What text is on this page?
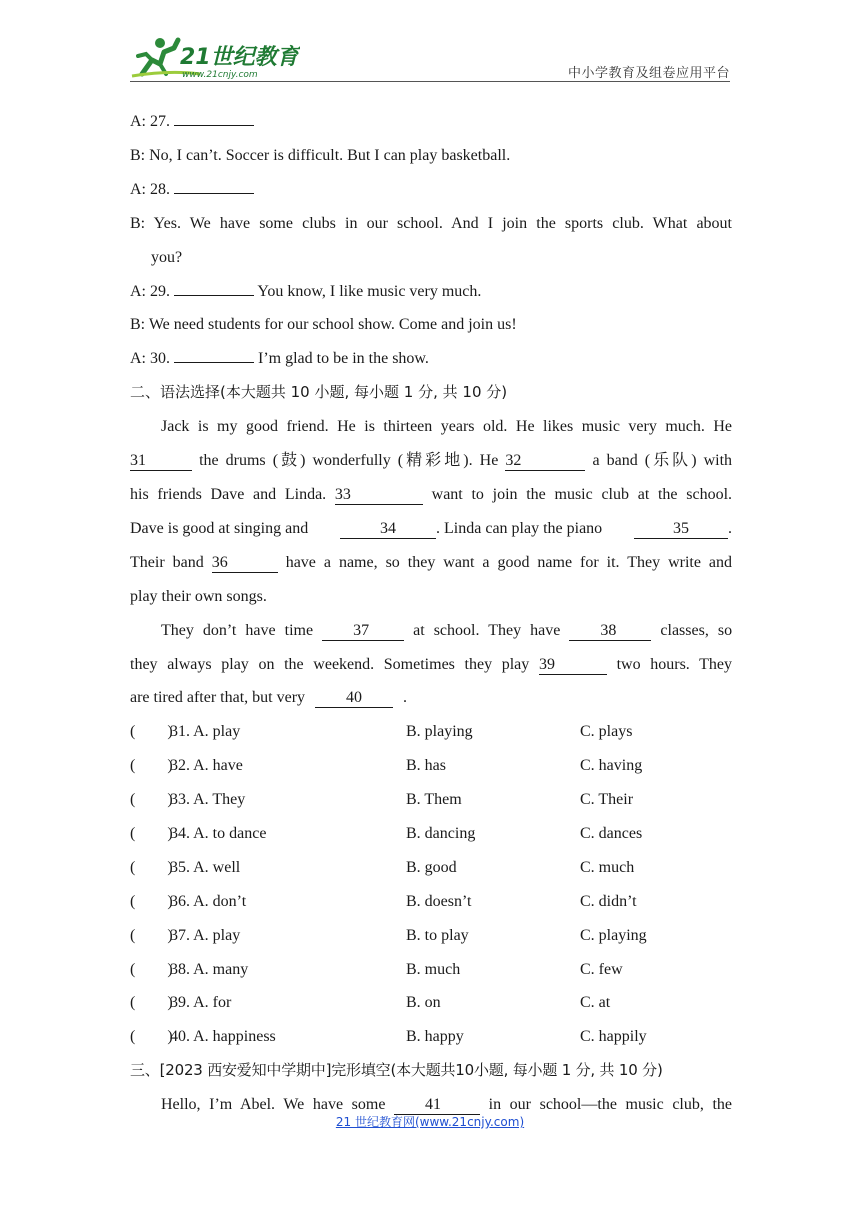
21世纪教育
www.21cnjy.com	中小学教育及组卷应用平台
A: 27.
B: No, I can’t. Soccer is difficult. But I can play basketball.
A: 28.
B: Yes. We have some clubs in our school. And I join the sports club. What about
you?
A: 29.	You know, I like music very much.
B: We need students for our school show. Come and join us!
A: 30.	I’m glad to be in the show.
二、语法选择(本大题共 10 小题, 每小题 1 分, 共 10 分)
Jack is my good friend. He is thirteen years old. He likes music very much. He
31	the drums (鼓) wonderfully (精彩地). He 32	a band (乐队) with
his friends Dave and Linda. 33	want to join the music club at the school.
Dave is good at singing and	34	. Linda can play the piano	35 .
Their band 36	have a name, so they want a good name for it. They write and
play their own songs.
They don’t have time	37	at school. They have	38	classes, so
they always play on the weekend. Sometimes they play 39	two hours. They
are tired after that, but very	40	.
(        )
31. A. play	B. playing	C. plays
(        )
32. A. have	B. has	C. having
(        )
33. A. They	B. Them	C. Their
(        )
34. A. to dance	B. dancing	C. dances
(        )
35. A. well	B. good	C. much
(        )
36. A. don’t	B. doesn’t	C. didn’t
(        )
37. A. play	B. to play	C. playing
(        )
38. A. many	B. much	C. few
(        )
39. A. for	B. on	C. at
(        )
40. A. happiness	B. happy	C. happily
三、[2023 西安爱知中学期中]完形填空(本大题共10小题, 每小题 1 分, 共 10 分)
Hello, I’m Abel. We have some 41	in our school—the music club, the
21 世纪教育网(www.21cnjy.com)
